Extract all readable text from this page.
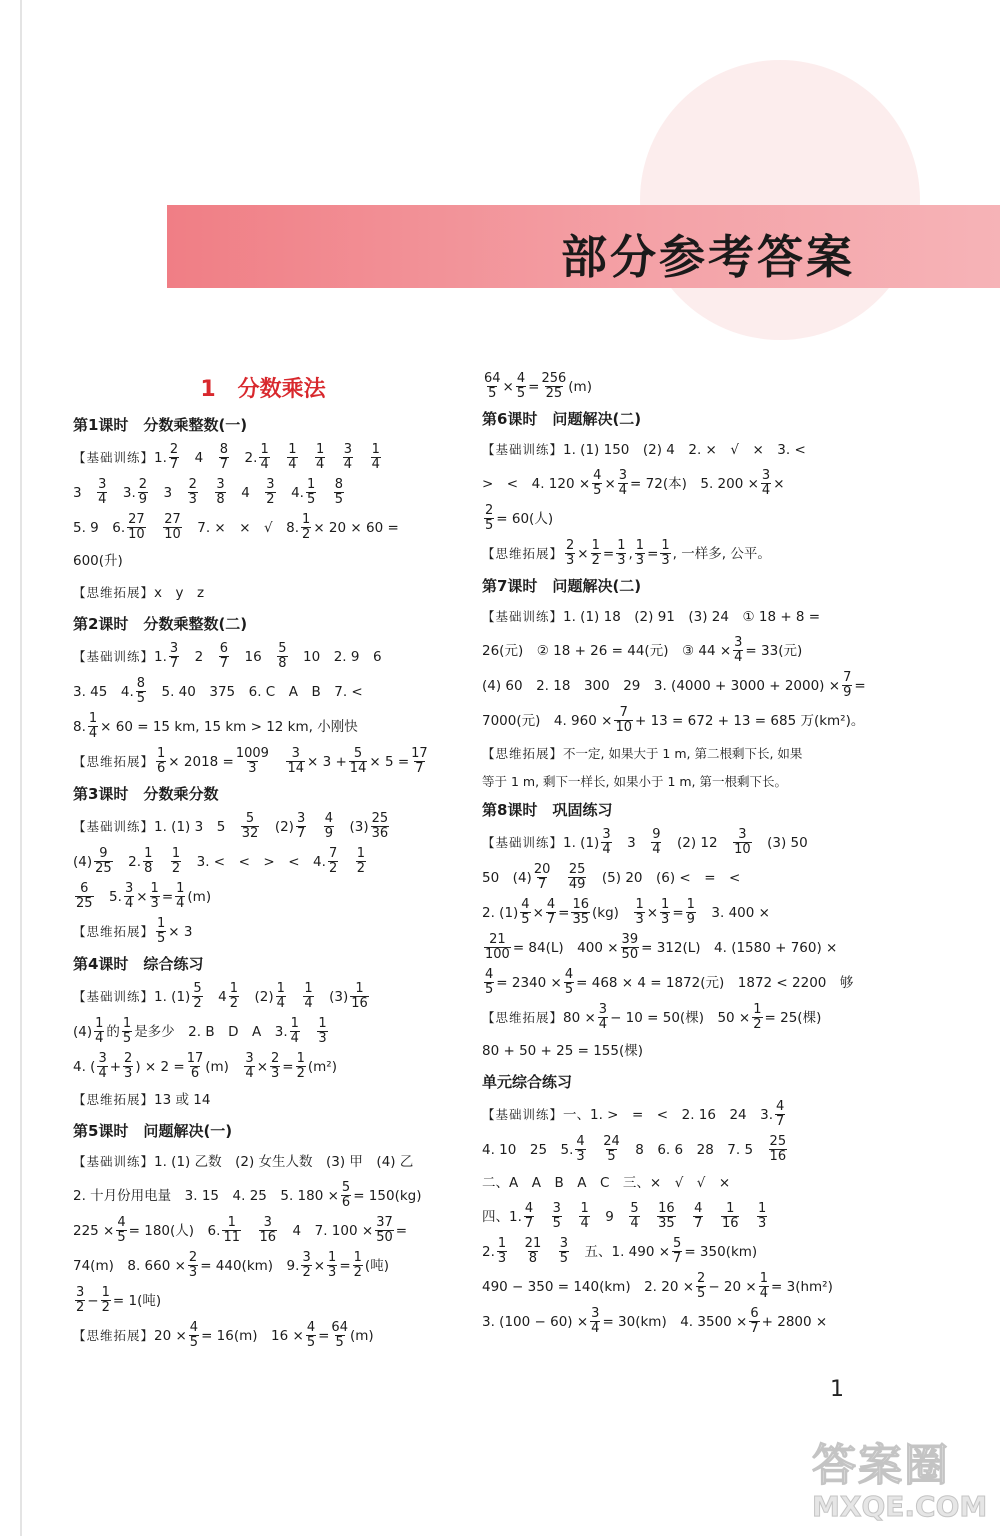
部分参考答案
1　分数乘法
第1课时　分数乘整数(一)
【基础训练】 1. 2
7 　4　 8
7 　2. 1
4

1
4

1
4

3
4

1
4
3　 3
4 　3. 2
9 　3　 2
3

3
8 　4　 3
2 　4. 1
5

8
5
5. 9　6. 27
10

27
10 　7. ×　×　√　8. 1
2 × 20 × 60 =
600(升)
【思维拓展】 x　y　z
第2课时　分数乘整数(二)
【基础训练】 1. 3
7 　2　 6
7 　16　 5
8 　10　2. 9　6
3. 45　4. 8
5 　5. 40　375　6. C　A　B　7. <
8. 1
4 × 60 = 15 km, 15 km > 12 km, 小刚快
【思维拓展】 1
6 × 2018 = 1009
3

3
14 × 3 + 5
14 × 5 = 17
7
第3课时　分数乘分数
【基础训练】 1. (1) 3　5　 5
32 　(2) 3
7

4
9 　(3) 25
36
(4) 9
25 　2. 1
8

1
2 　3. <　<　>　<　4. 7
2

1
2
6
25 　5. 3
4 × 1
3 = 1
4 (m)
【思维拓展】 1
5 × 3
第4课时　综合练习
【基础训练】 1. (1) 5
2 　4 1
2 　(2) 1
4

1
4 　(3) 1
16
(4) 1
4 的 1
5 是多少　2. B　D　A　3. 1
4

1
3
4. ( 3
4 + 2
3 ) × 2 = 17
6 (m)　 3
4 × 2
3 = 1
2 (m²)
【思维拓展】 13 或 14
第5课时　问题解决(一)
【基础训练】 1. (1) 乙数　(2) 女生人数　(3) 甲　(4) 乙
2. 十月份用电量　3. 15　4. 25　5. 180 × 5
6 = 150(kg)
225 × 4
5 = 180(人)　6. 1
11

3
16 　4　7. 100 × 37
50 =
74(m)　8. 660 × 2
3 = 440(km)　9. 3
2 × 1
3 = 1
2 (吨)
3
2 − 1
2 = 1(吨)
【思维拓展】 20 × 4
5 = 16(m)　16 × 4
5 = 64
5 (m)
64
5 × 4
5 = 256
25 (m)
第6课时　问题解决(二)
【基础训练】 1. (1) 150　(2) 4　2. ×　√　×　3. <
>　<　4. 120 × 4
5 × 3
4 = 72(本)　5. 200 × 3
4 ×
2
5 = 60(人)
【思维拓展】 2
3 × 1
2 = 1
3 , 1
3 = 1
3 , 一样多, 公平。
第7课时　问题解决(二)
【基础训练】 1. (1) 18　(2) 91　(3) 24　① 18 + 8 =
26(元)　② 18 + 26 = 44(元)　③ 44 × 3
4 = 33(元)
(4) 60　2. 18　300　29　3. (4000 + 3000 + 2000) × 7
9 =
7000(元)　4. 960 × 7
10 + 13 = 672 + 13 = 685 万(km²)。
【思维拓展】 不一定, 如果大于 1 m, 第二根剩下长, 如果
等于 1 m, 剩下一样长, 如果小于 1 m, 第一根剩下长。
第8课时　巩固练习
【基础训练】 1. (1) 3
4 　3　 9
4 　(2) 12　 3
10 　(3) 50
50　(4) 20
7

25
49 　(5) 20　(6) <　=　<
2. (1) 4
5 × 4
7 = 16
35 (kg)　 1
3 × 1
3 = 1
9 　3. 400 ×
21
100 = 84(L)　400 × 39
50 = 312(L)　4. (1580 + 760) ×
4
5 = 2340 × 4
5 = 468 × 4 = 1872(元)　1872 < 2200　够
【思维拓展】 80 × 3
4 − 10 = 50(棵)　50 × 1
2 = 25(棵)
80 + 50 + 25 = 155(棵)
单元综合练习
【基础训练】 一、1. >　=　<　2. 16　24　3. 4
7
4. 10　25　5. 4
3

24
5 　8　6. 6　28　7. 5　 25
16
二、A　A　B　A　C　三、×　√　√　×
四、1. 4
7

3
5

1
4 　9　 5
4

16
35

4
7

1
16

1
3
2. 1
3

21
8

3
5 　五、1. 490 × 5
7 = 350(km)
490 − 350 = 140(km)　2. 20 × 2
5 − 20 × 1
4 = 3(hm²)
3. (100 − 60) × 3
4 = 30(km)　4. 3500 × 6
7 + 2800 ×
1
答案圈
MXQE.COM
